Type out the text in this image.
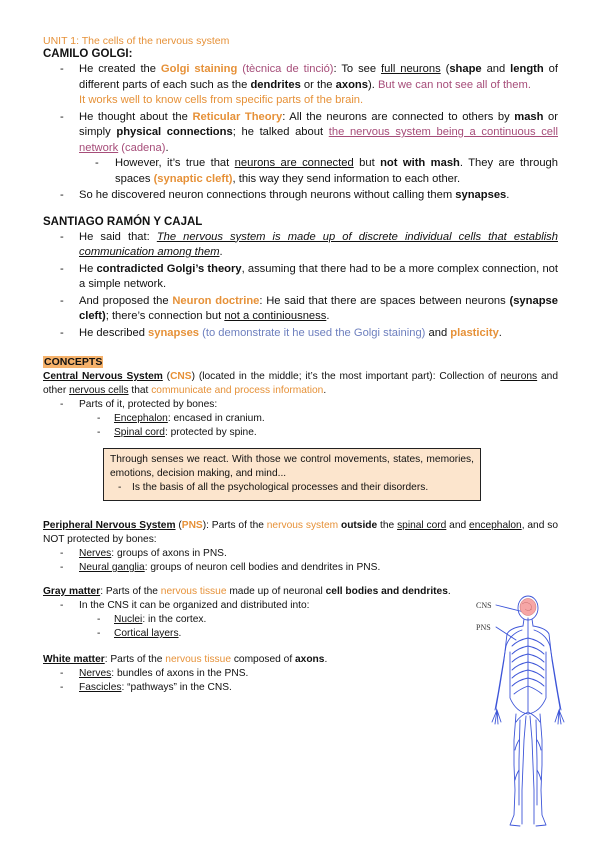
UNIT 1: The cells of the nervous system
CAMILO GOLGI:
- He created the Golgi staining (tècnica de tinció): To see full neurons (shape and length of different parts of each such as the dendrites or the axons). But we can not see all of them.
It works well to know cells from specific parts of the brain.
- He thought about the Reticular Theory: All the neurons are connected to others by mash or simply physical connections; he talked about the nervous system being a continuous cell network (cadena).
- However, it’s true that neurons are connected but not with mash. They are through spaces (synaptic cleft), this way they send information to each other.
- So he discovered neuron connections through neurons without calling them synapses.
SANTIAGO RAMÓN Y CAJAL
- He said that: The nervous system is made up of discrete individual cells that establish communication among them.
- He contradicted Golgi’s theory, assuming that there had to be a more complex connection, not a simple network.
- And proposed the Neuron doctrine: He said that there are spaces between neurons (synapse cleft); there’s connection but not a continiousness.
- He described synapses (to demonstrate it he used the Golgi staining) and plasticity.
CONCEPTS

Central Nervous System (CNS) (located in the middle; it’s the most important part): Collection of neurons and other nervous cells that communicate and process information.

- Parts of it, protected by bones:
- Encephalon: encased in cranium.
- Spinal cord: protected by spine.

Through senses we react. With those we control movements, states, memories, emotions, decision making, and mind...

- Is the basis of all the psychological processes and their disorders.

Peripheral Nervous System (PNS): Parts of the nervous system outside the spinal cord and encephalon, and so NOT protected by bones:

- Nerves: groups of axons in PNS.
- Neural ganglia: groups of neuron cell bodies and dendrites in PNS.

Gray matter: Parts of the nervous tissue made up of neuronal cell bodies and dendrites.

- In the CNS it can be organized and distributed into:
- Nuclei: in the cortex.
- Cortical layers.

White matter: Parts of the nervous tissue composed of axons.

- Nerves: bundles of axons in the PNS.
- Fascicles: “pathways” in the CNS.
CNS
PNS
